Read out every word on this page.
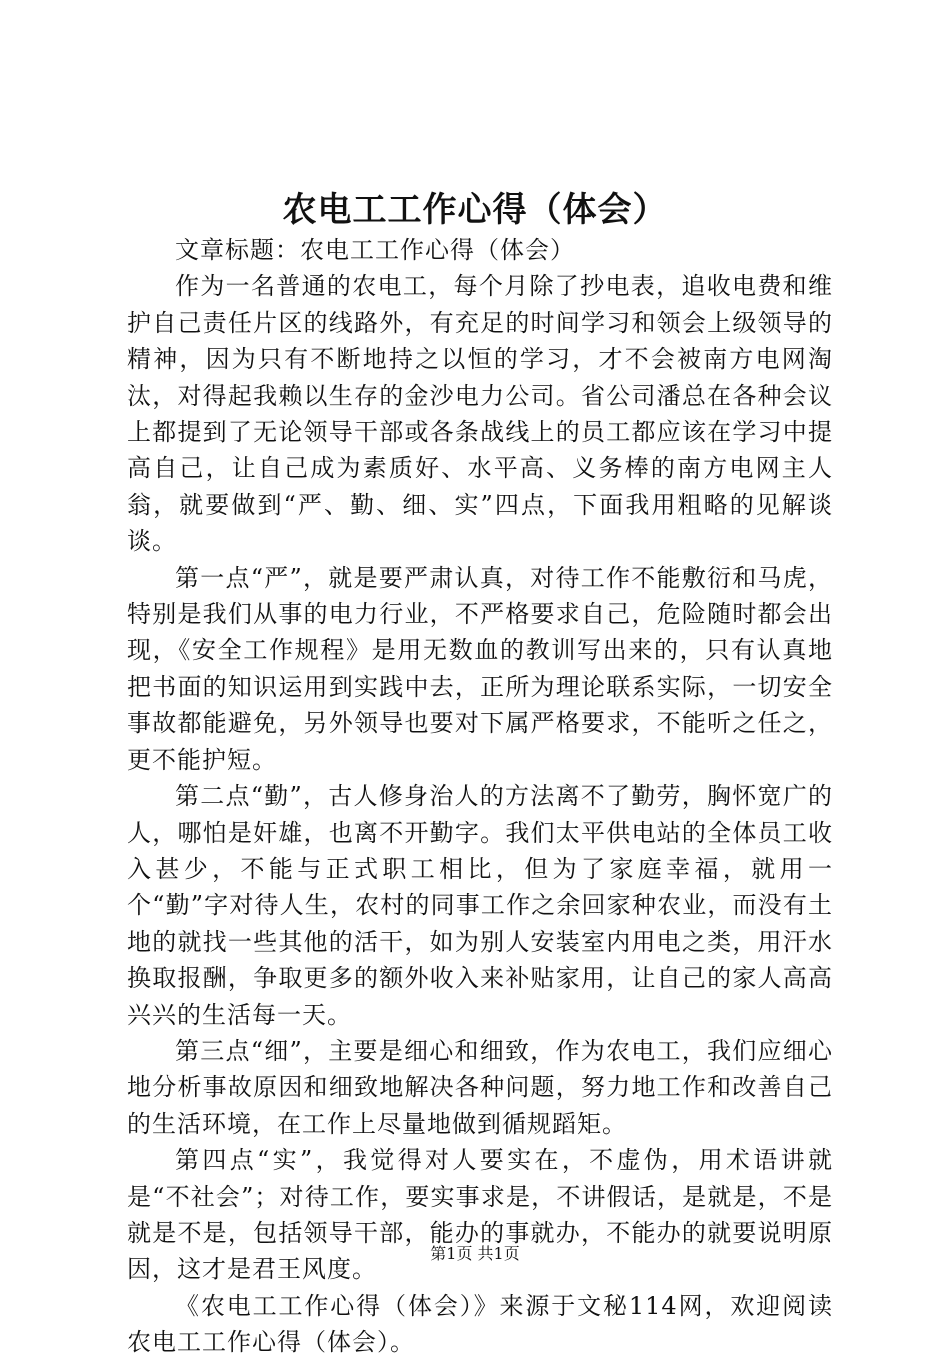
农电工工作心得（体会）

文章标题：农电工工作心得（体会）

作为一名普通的农电工，每个月除了抄电表，追收电费和维护自己责任片区的线路外，有充足的时间学习和领会上级领导的精神，因为只有不断地持之以恒的学习，才不会被南方电网淘汰，对得起我赖以生存的金沙电力公司。省公司潘总在各种会议上都提到了无论领导干部或各条战线上的员工都应该在学习中提高自己，让自己成为素质好、水平高、义务棒的南方电网主人翁，就要做到“严、勤、细、实”四点，下面我用粗略的见解谈谈。

第一点“严”，就是要严肃认真，对待工作不能敷衍和马虎，特别是我们从事的电力行业，不严格要求自己，危险随时都会出现，《安全工作规程》是用无数血的教训写出来的，只有认真地把书面的知识运用到实践中去，正所为理论联系实际，一切安全事故都能避免，另外领导也要对下属严格要求，不能听之任之，更不能护短。

第二点“勤”，古人修身治人的方法离不了勤劳，胸怀宽广的人，哪怕是奸雄，也离不开勤字。我们太平供电站的全体员工收入甚少，不能与正式职工相比，但为了家庭幸福，就用一个“勤”字对待人生，农村的同事工作之余回家种农业，而没有土地的就找一些其他的活干，如为别人安装室内用电之类，用汗水换取报酬，争取更多的额外收入来补贴家用，让自己的家人高高兴兴的生活每一天。

第三点“细”，主要是细心和细致，作为农电工，我们应细心地分析事故原因和细致地解决各种问题，努力地工作和改善自己的生活环境，在工作上尽量地做到循规蹈矩。

第四点“实”，我觉得对人要实在，不虚伪，用术语讲就是“不社会”；对待工作，要实事求是，不讲假话，是就是，不是就是不是，包括领导干部，能办的事就办，不能办的就要说明原因，这才是君王风度。

《农电工工作心得（体会）》来源于文秘114网，欢迎阅读农电工工作心得（体会）。

第1页 共1页
